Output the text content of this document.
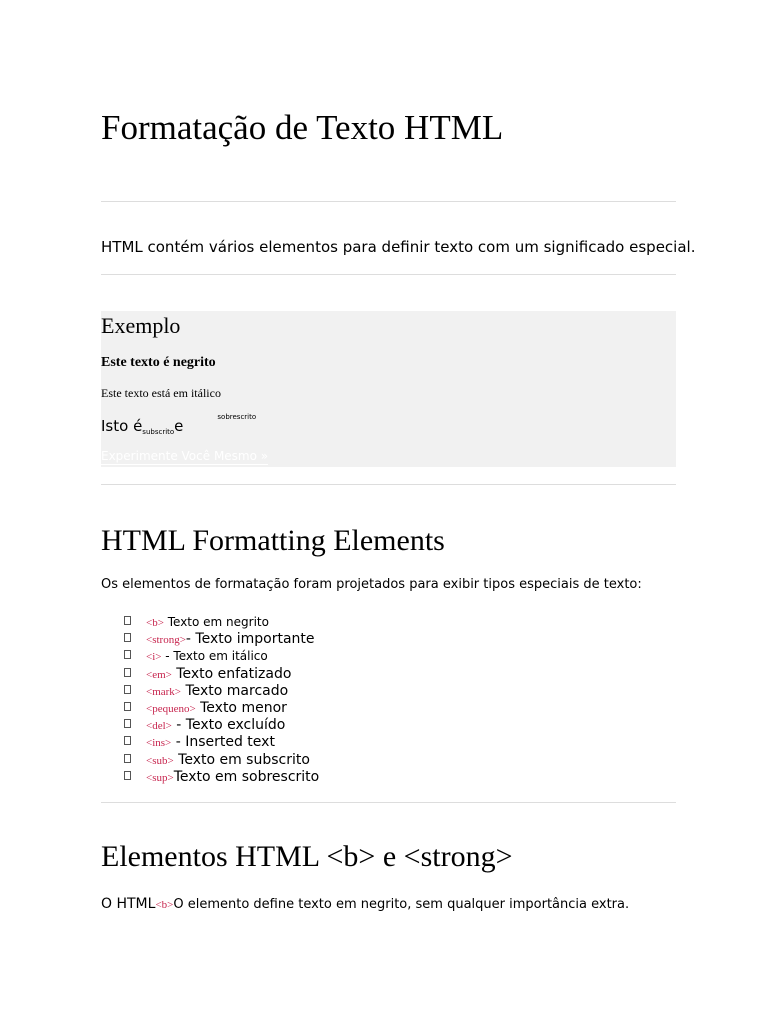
Formatação de Texto HTML
HTML contém vários elementos para definir texto com um significado especial.
Exemplo
Este texto é negrito
Este texto está em itálico
Isto $é_{subscrito}e$	$^{sobrescrito}$
Experimente Você Mesmo »
HTML Formatting Elements
Os elementos de formatação foram projetados para exibir tipos especiais de texto:
<b> Texto em negrito
<strong>- Texto importante
<i> - Texto em itálico
<em> Texto enfatizado
<mark> Texto marcado
<pequeno> Texto menor
<del> - Texto excluído
<ins> - Inserted text
<sub> Texto em subscrito
<sup>Texto em sobrescrito
Elementos HTML <b> e <strong>
O HTML<b>O elemento define texto em negrito, sem qualquer importância extra.
